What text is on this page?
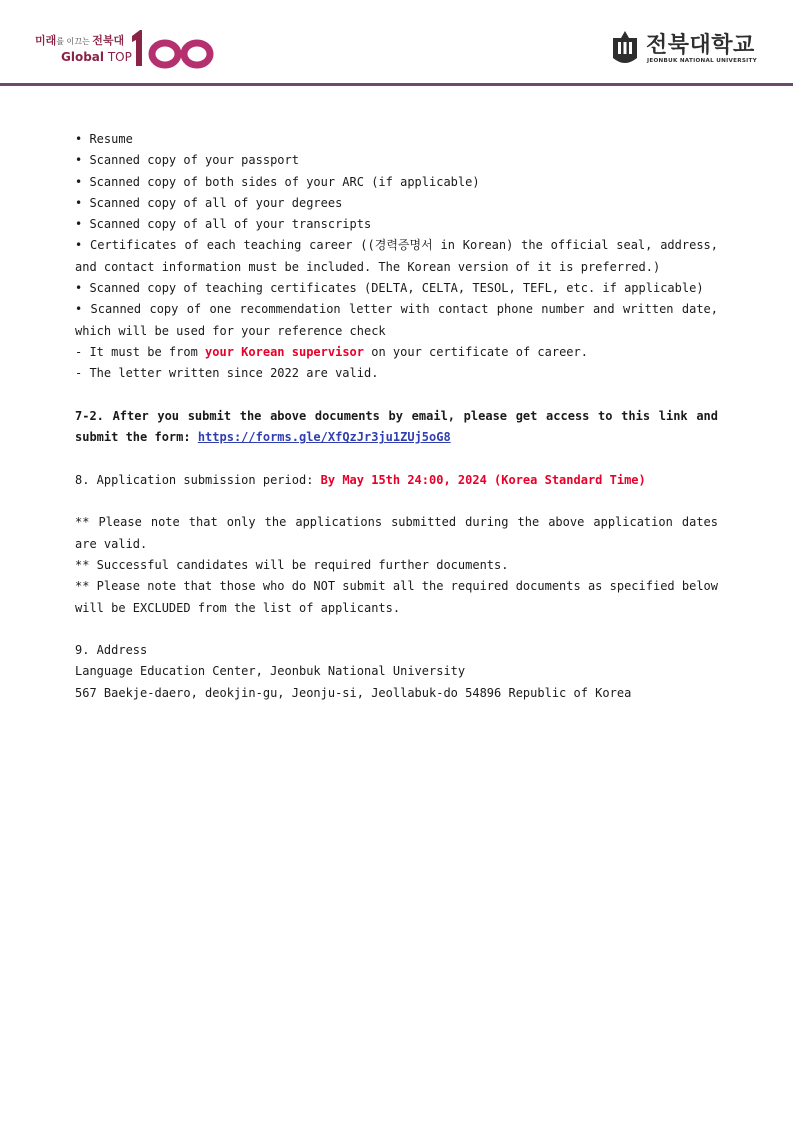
미래를 이끄는 전북대
Global TOP	전북대학교
JEONBUK NATIONAL UNIVERSITY

• Resume

• Scanned copy of your passport

• Scanned copy of both sides of your ARC (if applicable)

• Scanned copy of all of your degrees

• Scanned copy of all of your transcripts

• Certificates of each teaching career ((경력증명서 in Korean) the official seal, address, and contact information must be included. The Korean version of it is preferred.)

• Scanned copy of teaching certificates (DELTA, CELTA, TESOL, TEFL, etc. if applicable)

• Scanned copy of one recommendation letter with contact phone number and written date, which will be used for your reference check

- It must be from your Korean supervisor on your certificate of career.

- The letter written since 2022 are valid.

7-2. After you submit the above documents by email, please get access to this link and submit the form: https://forms.gle/XfQzJr3ju1ZUj5oG8

8. Application submission period: By May 15th 24:00, 2024 (Korea Standard Time)

** Please note that only the applications submitted during the above application dates are valid.

** Successful candidates will be required further documents.

** Please note that those who do NOT submit all the required documents as specified below will be EXCLUDED from the list of applicants.

9. Address

Language Education Center, Jeonbuk National University

567 Baekje-daero, deokjin-gu, Jeonju-si, Jeollabuk-do 54896 Republic of Korea
